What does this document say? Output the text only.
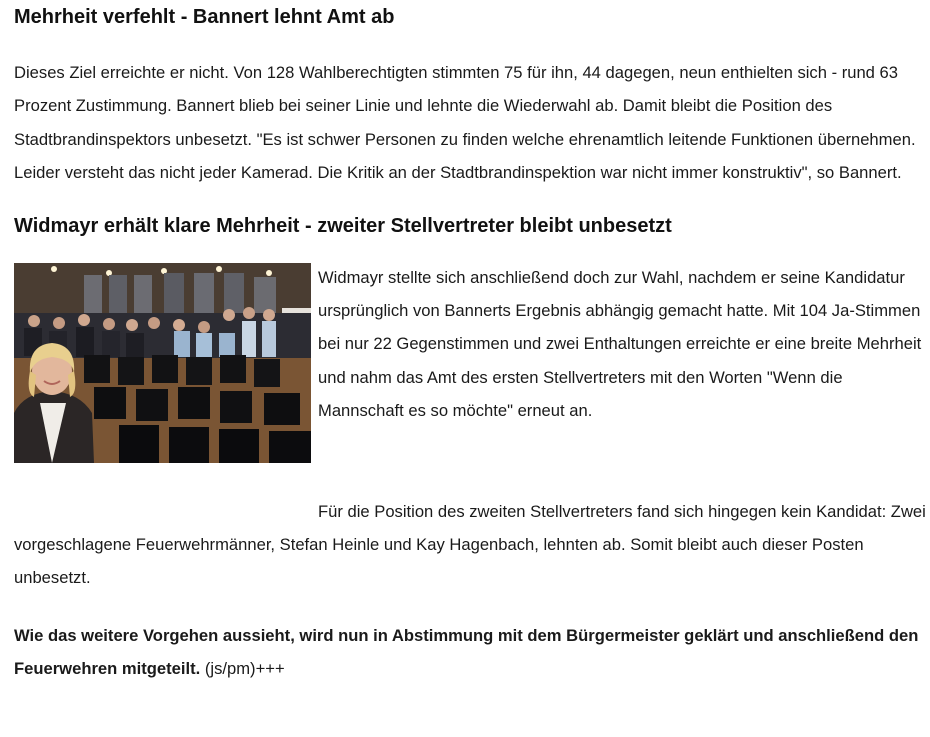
Mehrheit verfehlt - Bannert lehnt Amt ab

Dieses Ziel erreichte er nicht. Von 128 Wahlberechtigten stimmten 75 für ihn, 44 dagegen, neun enthielten sich - rund 63 Prozent Zustimmung. Bannert blieb bei seiner Linie und lehnte die Wiederwahl ab. Damit bleibt die Position des Stadtbrandinspektors unbesetzt. "Es ist schwer Personen zu finden welche ehrenamtlich leitende Funktionen übernehmen. Leider versteht das nicht jeder Kamerad. Die Kritik an der Stadtbrandinspektion war nicht immer konstruktiv", so Bannert.

Widmayr erhält klare Mehrheit - zweiter Stellvertreter bleibt unbesetzt

Widmayr stellte sich anschließend doch zur Wahl, nachdem er seine Kandidatur ursprünglich von Bannerts Ergebnis abhängig gemacht hatte. Mit 104 Ja-Stimmen bei nur 22 Gegenstimmen und zwei Enthaltungen erreichte er eine breite Mehrheit und nahm das Amt des ersten Stellvertreters mit den Worten "Wenn die Mannschaft es so möchte" erneut an.

Für die Position des zweiten Stellvertreters fand sich hingegen kein Kandidat: Zwei vorgeschlagene Feuerwehrmänner, Stefan Heinle und Kay Hagenbach, lehnten ab. Somit bleibt auch dieser Posten unbesetzt.

Wie das weitere Vorgehen aussieht, wird nun in Abstimmung mit dem Bürgermeister geklärt und anschließend den Feuerwehren mitgeteilt. (js/pm)+++
